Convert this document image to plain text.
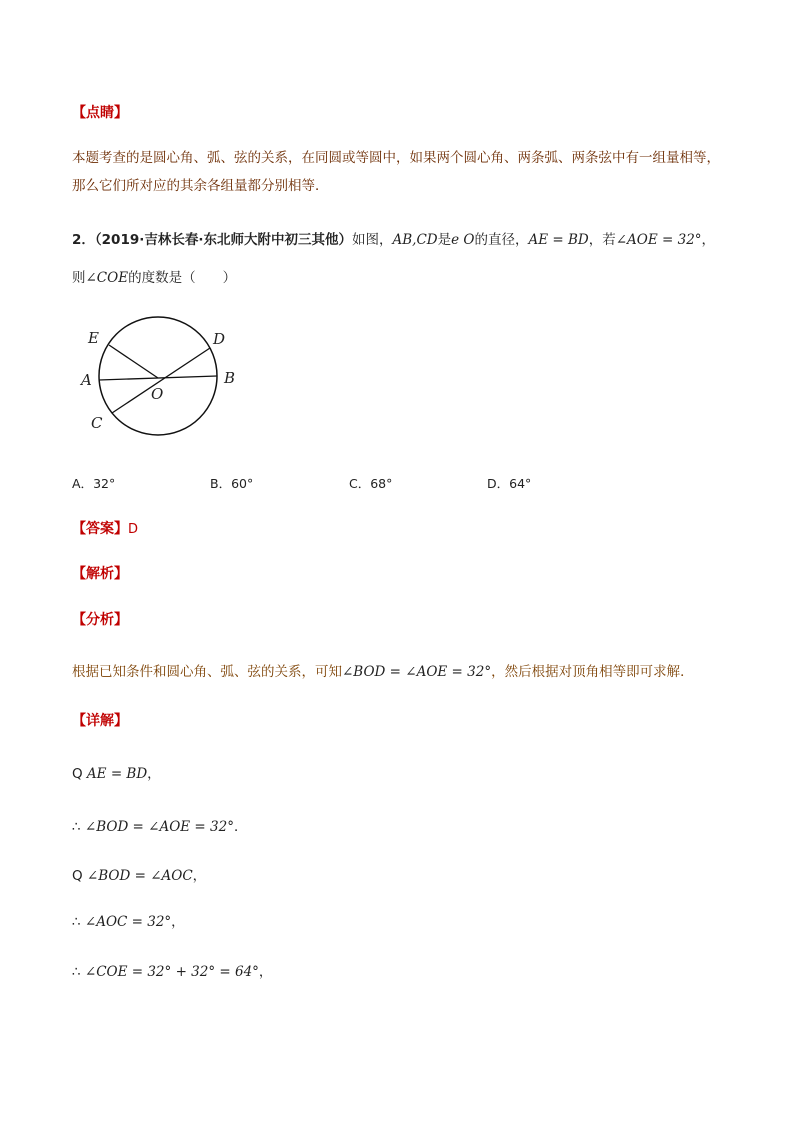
【点睛】
本题考查的是圆心角、弧、弦的关系，在同圆或等圆中，如果两个圆心角、两条弧、两条弦中有一组量相等，那么它们所对应的其余各组量都分别相等．
2．（2019·吉林长春·东北师大附中初三其他）如图，AB,CD是e O的直径，AE = BD，若∠AOE = 32°，
则∠COE的度数是（　　）
E	D
A	B
O
C
A．32°	B．60°	C．68°	D．64°
【答案】D
【解析】
【分析】
根据已知条件和圆心角、弧、弦的关系，可知∠BOD = ∠AOE = 32°，然后根据对顶角相等即可求解．
【详解】
Q AE = BD，
∴ ∠BOD = ∠AOE = 32°．
Q ∠BOD = ∠AOC，
∴ ∠AOC = 32°，
∴ ∠COE = 32° + 32° = 64°，
